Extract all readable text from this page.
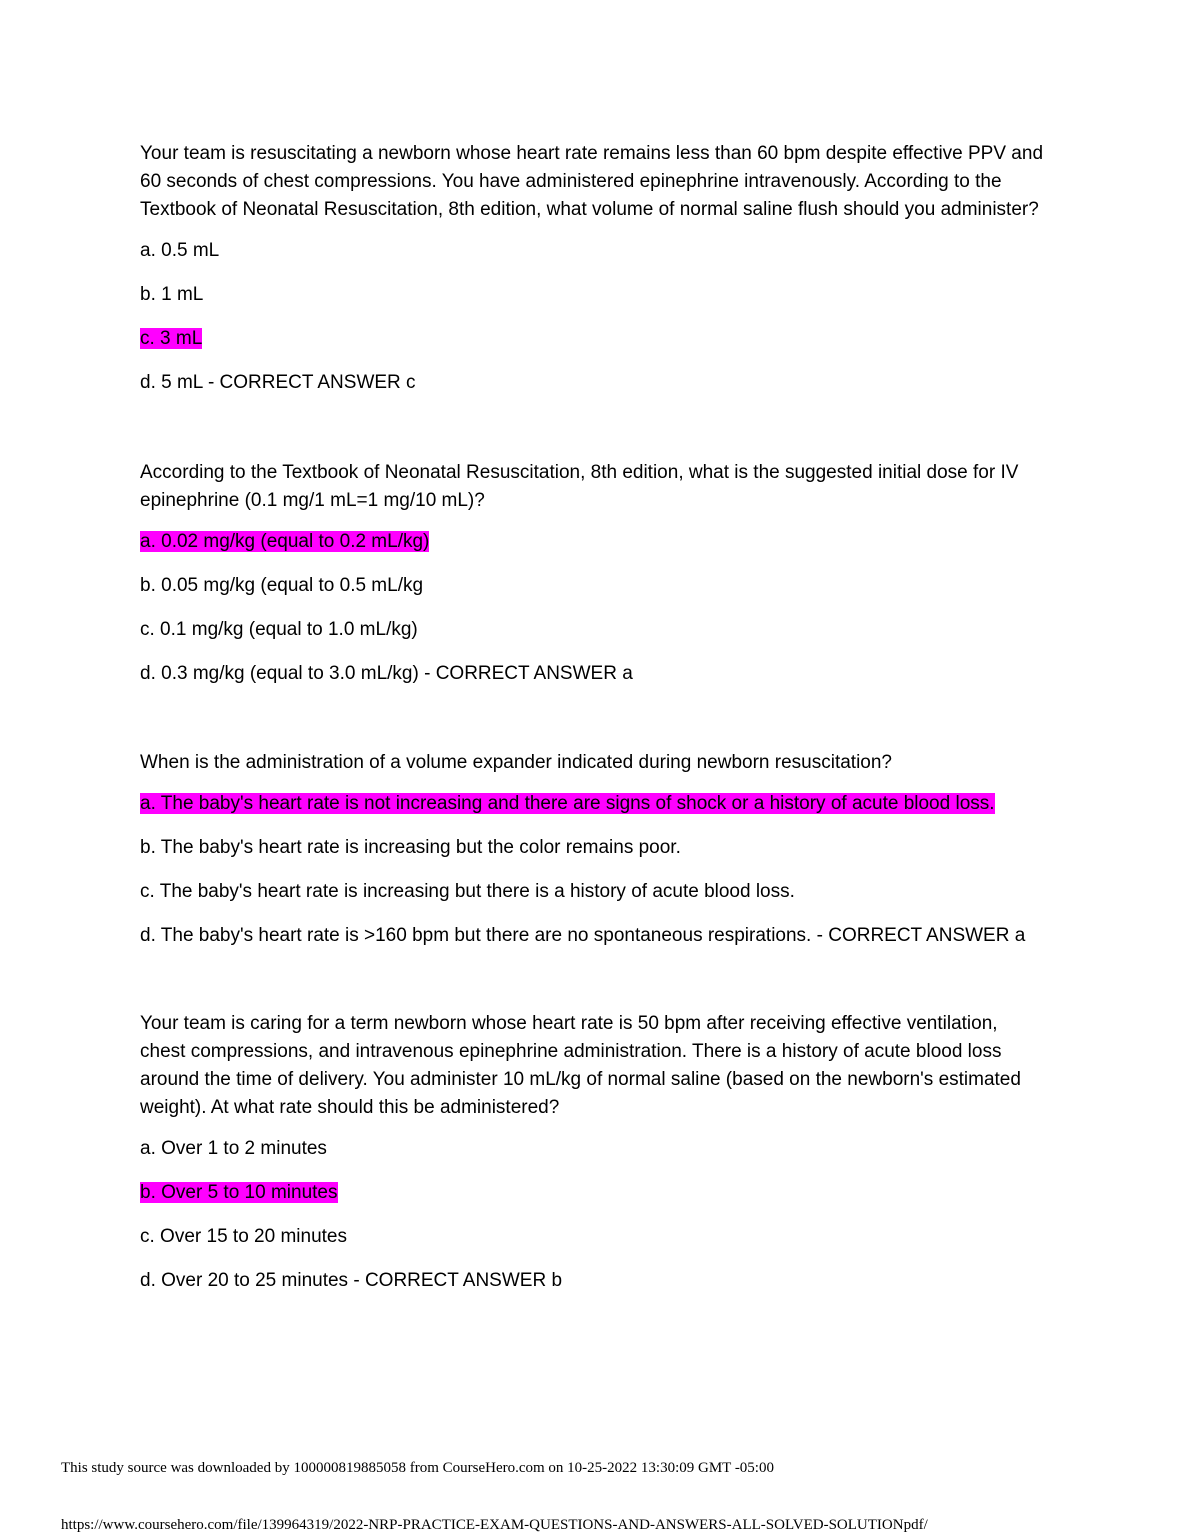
Your team is resuscitating a newborn whose heart rate remains less than 60 bpm despite effective PPV and 60 seconds of chest compressions. You have administered epinephrine intravenously. According to the Textbook of Neonatal Resuscitation, 8th edition, what volume of normal saline flush should you administer?

a. 0.5 mL

b. 1 mL

c. 3 mL

d. 5 mL - CORRECT ANSWER c

According to the Textbook of Neonatal Resuscitation, 8th edition, what is the suggested initial dose for IV epinephrine (0.1 mg/1 mL=1 mg/10 mL)?

a. 0.02 mg/kg (equal to 0.2 mL/kg)

b. 0.05 mg/kg (equal to 0.5 mL/kg

c. 0.1 mg/kg (equal to 1.0 mL/kg)

d. 0.3 mg/kg (equal to 3.0 mL/kg) - CORRECT ANSWER a

When is the administration of a volume expander indicated during newborn resuscitation?

a. The baby's heart rate is not increasing and there are signs of shock or a history of acute blood loss.

b. The baby's heart rate is increasing but the color remains poor.

c. The baby's heart rate is increasing but there is a history of acute blood loss.

d. The baby's heart rate is >160 bpm but there are no spontaneous respirations. - CORRECT ANSWER a

Your team is caring for a term newborn whose heart rate is 50 bpm after receiving effective ventilation, chest compressions, and intravenous epinephrine administration. There is a history of acute blood loss around the time of delivery. You administer 10 mL/kg of normal saline (based on the newborn's estimated weight). At what rate should this be administered?

a. Over 1 to 2 minutes

b. Over 5 to 10 minutes

c. Over 15 to 20 minutes

d. Over 20 to 25 minutes - CORRECT ANSWER b

This study source was downloaded by 100000819885058 from CourseHero.com on 10-25-2022 13:30:09 GMT -05:00
https://www.coursehero.com/file/139964319/2022-NRP-PRACTICE-EXAM-QUESTIONS-AND-ANSWERS-ALL-SOLVED-SOLUTIONpdf/
